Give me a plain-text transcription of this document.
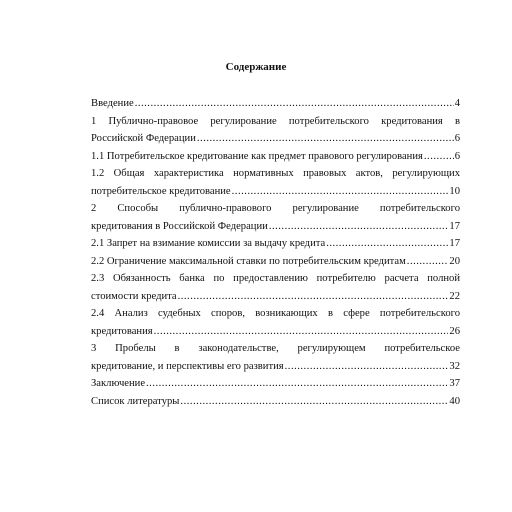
Содержание
Введение .....	4
1 Публично-правовое регулирование потребительского кредитования в
Российской Федерации .....	6
1.1 Потребительское кредитование как предмет правового регулирования .....	6
1.2 Общая характеристика нормативных правовых актов, регулирующих
потребительское кредитование .....	10
2 Способы публично-правового регулирование потребительского
кредитования в Российской Федерации .....	17
2.1 Запрет на взимание комиссии за выдачу кредита .....	17
2.2 Ограничение максимальной ставки по потребительским кредитам .....	20
2.3 Обязанность банка по предоставлению потребителю расчета полной
стоимости кредита .....	22
2.4 Анализ судебных споров, возникающих в сфере потребительского
кредитования .....	26
3 Пробелы в законодательстве, регулирующем потребительское
кредитование, и перспективы его развития .....	32
Заключение .....	37
Список литературы .....	40
